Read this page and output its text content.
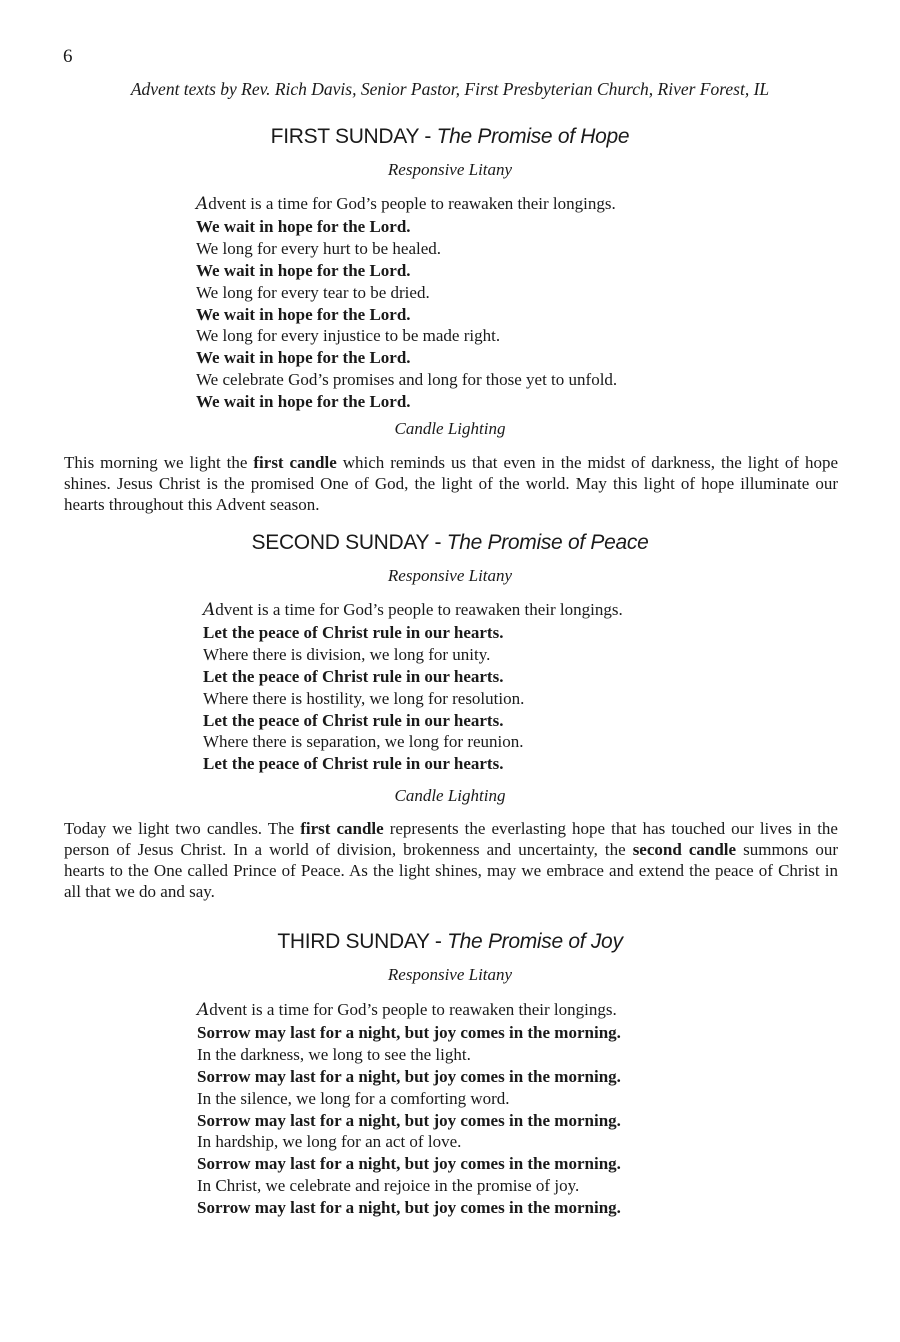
6
Advent texts by Rev. Rich Davis, Senior Pastor, First Presbyterian Church, River Forest, IL
FIRST SUNDAY - The Promise of Hope
Responsive Litany
Advent is a time for God’s people to reawaken their longings.
We wait in hope for the Lord.
We long for every hurt to be healed.
We wait in hope for the Lord.
We long for every tear to be dried.
We wait in hope for the Lord.
We long for every injustice to be made right.
We wait in hope for the Lord.
We celebrate God’s promises and long for those yet to unfold.
We wait in hope for the Lord.
Candle Lighting
This morning we light the first candle which reminds us that even in the midst of darkness, the light of hope shines. Jesus Christ is the promised One of God, the light of the world. May this light of hope illuminate our hearts throughout this Advent season.
SECOND SUNDAY - The Promise of Peace
Responsive Litany
Advent is a time for God’s people to reawaken their longings.
Let the peace of Christ rule in our hearts.
Where there is division, we long for unity.
Let the peace of Christ rule in our hearts.
Where there is hostility, we long for resolution.
Let the peace of Christ rule in our hearts.
Where there is separation, we long for reunion.
Let the peace of Christ rule in our hearts.
Candle Lighting
Today we light two candles. The first candle represents the everlasting hope that has touched our lives in the person of Jesus Christ. In a world of division, brokenness and uncertainty, the second candle summons our hearts to the One called Prince of Peace. As the light shines, may we embrace and extend the peace of Christ in all that we do and say.
THIRD SUNDAY - The Promise of Joy
Responsive Litany
Advent is a time for God’s people to reawaken their longings.
Sorrow may last for a night, but joy comes in the morning.
In the darkness, we long to see the light.
Sorrow may last for a night, but joy comes in the morning.
In the silence, we long for a comforting word.
Sorrow may last for a night, but joy comes in the morning.
In hardship, we long for an act of love.
Sorrow may last for a night, but joy comes in the morning.
In Christ, we celebrate and rejoice in the promise of joy.
Sorrow may last for a night, but joy comes in the morning.
